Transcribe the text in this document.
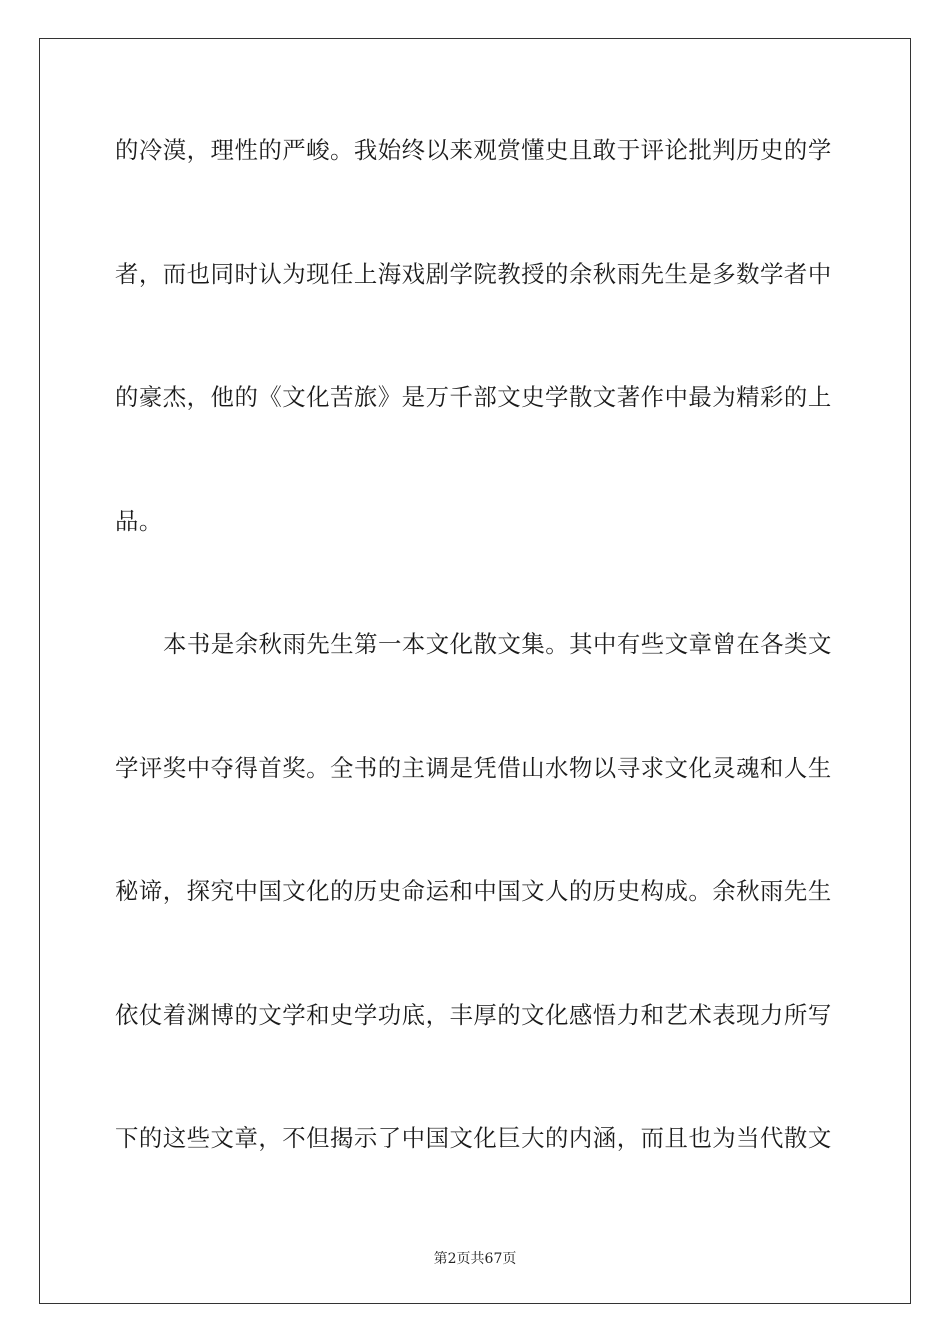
的冷漠，理性的严峻。我始终以来观赏懂史且敢于评论批判历史的学
者，而也同时认为现任上海戏剧学院教授的余秋雨先生是多数学者中
的豪杰，他的《文化苦旅》是万千部文史学散文著作中最为精彩的上
品。
本书是余秋雨先生第一本文化散文集。其中有些文章曾在各类文
学评奖中夺得首奖。全书的主调是凭借山水物以寻求文化灵魂和人生
秘谛，探究中国文化的历史命运和中国文人的历史构成。余秋雨先生
依仗着渊博的文学和史学功底，丰厚的文化感悟力和艺术表现力所写
下的这些文章，不但揭示了中国文化巨大的内涵，而且也为当代散文
第2页共67页
